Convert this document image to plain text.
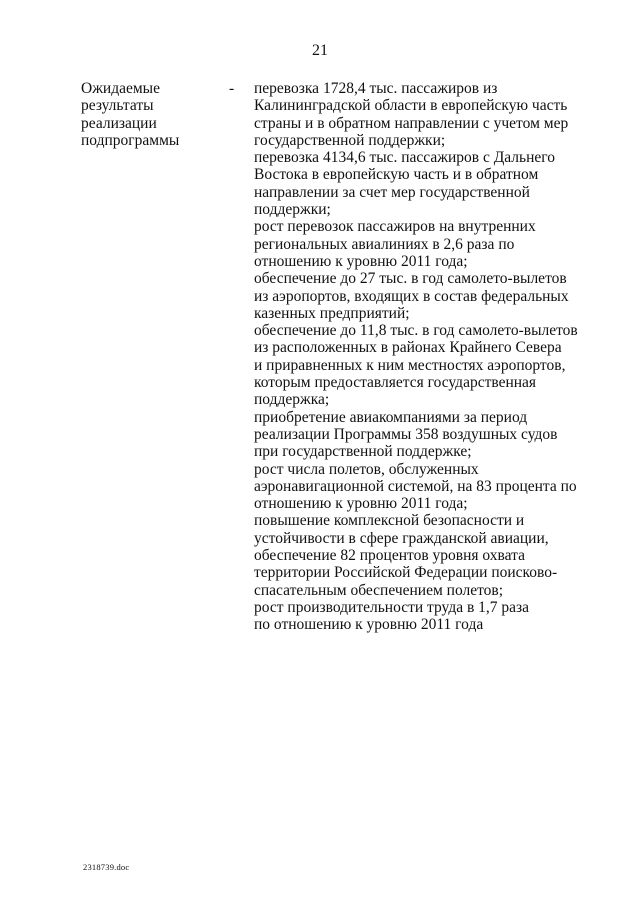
21
Ожидаемые
результаты
реализации
подпрограммы
- перевозка 1728,4 тыс. пассажиров из
Калининградской области в европейскую часть
страны и в обратном направлении с учетом мер
государственной поддержки;
перевозка 4134,6 тыс. пассажиров с Дальнего
Востока в европейскую часть и в обратном
направлении за счет мер государственной
поддержки;
рост перевозок пассажиров на внутренних
региональных авиалиниях в 2,6 раза по
отношению к уровню 2011 года;
обеспечение до 27 тыс. в год самолето-вылетов
из аэропортов, входящих в состав федеральных
казенных предприятий;
обеспечение до 11,8 тыс. в год самолето-вылетов
из расположенных в районах Крайнего Севера
и приравненных к ним местностях аэропортов,
которым предоставляется государственная
поддержка;
приобретение авиакомпаниями за период
реализации Программы 358 воздушных судов
при государственной поддержке;
рост числа полетов, обслуженных
аэронавигационной системой, на 83 процента по
отношению к уровню 2011 года;
повышение комплексной безопасности и
устойчивости в сфере гражданской авиации,
обеспечение 82 процентов уровня охвата
территории Российской Федерации поисково-
спасательным обеспечением полетов;
рост производительности труда в 1,7 раза
по отношению к уровню 2011 года
2318739.doc
